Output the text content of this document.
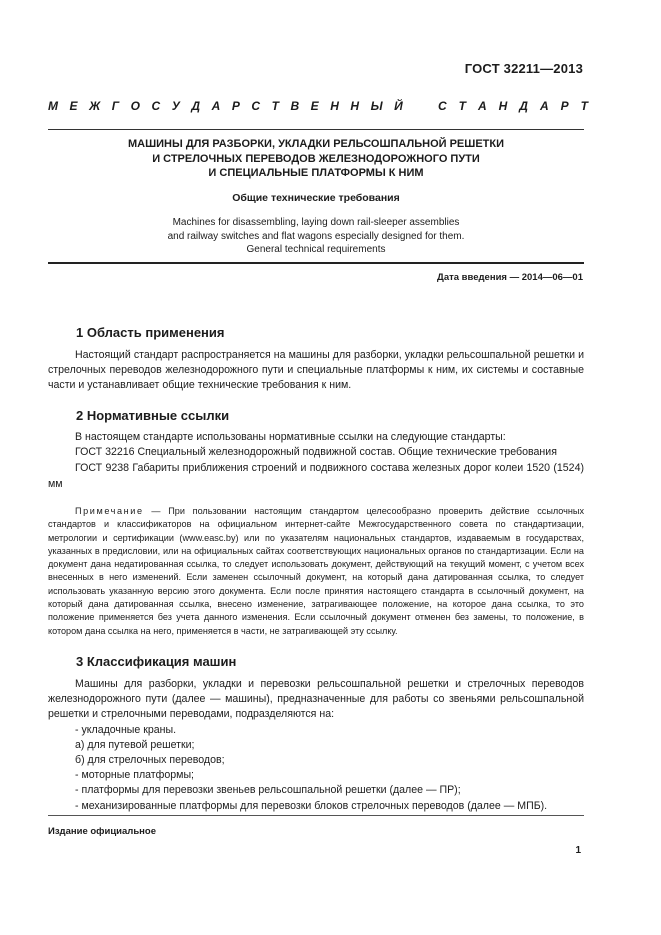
ГОСТ 32211—2013
М Е Ж Г О С У Д А Р С Т В Е Н Н Ы Й	С Т А Н Д А Р Т
МАШИНЫ ДЛЯ РАЗБОРКИ, УКЛАДКИ РЕЛЬСОШПАЛЬНОЙ РЕШЕТКИ
И СТРЕЛОЧНЫХ ПЕРЕВОДОВ ЖЕЛЕЗНОДОРОЖНОГО ПУТИ
И СПЕЦИАЛЬНЫЕ ПЛАТФОРМЫ К НИМ
Общие технические требования
Machines for disassembling, laying down rail-sleeper assemblies
and railway switches and flat wagons especially designed for them.
General technical requirements
Дата введения — 2014—06—01
1 Область применения

Настоящий стандарт распространяется на машины для разборки, укладки рельсошпальной решетки и стрелочных переводов железнодорожного пути и специальные платформы к ним, их системы и составные части и устанавливает общие технические требования к ним.

2 Нормативные ссылки

В настоящем стандарте использованы нормативные ссылки на следующие стандарты:

ГОСТ 32216 Специальный железнодорожный подвижной состав. Общие технические требования

ГОСТ 9238 Габариты приближения строений и подвижного состава железных дорог колеи 1520 (1524) мм

Примечание — При пользовании настоящим стандартом целесообразно проверить действие ссылочных стандартов и классификаторов на официальном интернет-сайте Межгосударственного совета по стандартизации, метрологии и сертификации (www.easc.by) или по указателям национальных стандартов, издаваемым в государствах, указанных в предисловии, или на официальных сайтах соответствующих национальных органов по стандартизации. Если на документ дана недатированная ссылка, то следует использовать документ, действующий на текущий момент, с учетом всех внесенных в него изменений. Если заменен ссылочный документ, на который дана датированная ссылка, то следует использовать указанную версию этого документа. Если после принятия настоящего стандарта в ссылочный документ, на который дана датированная ссылка, внесено изменение, затрагивающее положение, на которое дана ссылка, то это положение применяется без учета данного изменения. Если ссылочный документ отменен без замены, то положение, в котором дана ссылка на него, применяется в части, не затрагивающей эту ссылку.

3 Классификация машин

Машины для разборки, укладки и перевозки рельсошпальной решетки и стрелочных переводов железнодорожного пути (далее — машины), предназначенные для работы со звеньями рельсошпальной решетки и стрелочными переводами, подразделяются на:

- укладочные краны.

а) для путевой решетки;

б) для стрелочных переводов;

- моторные платформы;

- платформы для перевозки звеньев рельсошпальной решетки (далее — ПР);

- механизированные платформы для перевозки блоков стрелочных переводов (далее — МПБ).

Издание официальное
1
